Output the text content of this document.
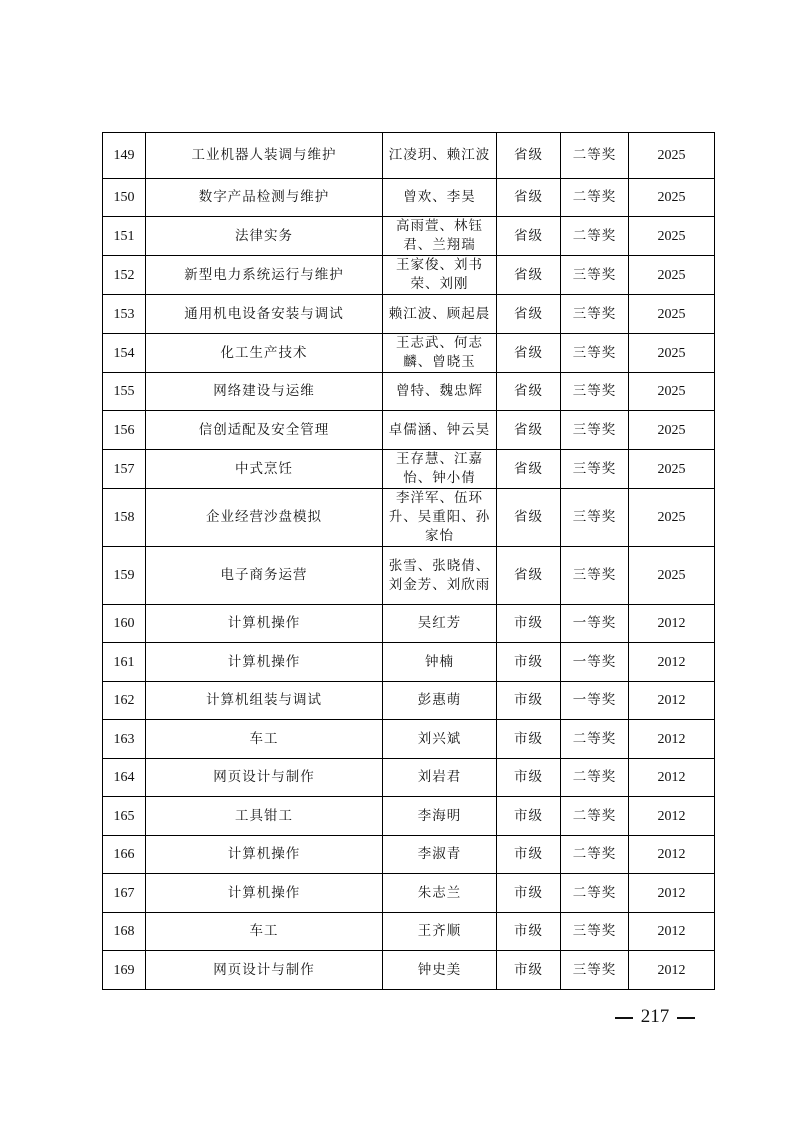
149	工业机器人装调与维护	江凌玥、赖江波	省级	二等奖	2025
150	数字产品检测与维护	曾欢、李昊	省级	二等奖	2025
151	法律实务	高雨萱、林钰君、兰翔瑞	省级	二等奖	2025
152	新型电力系统运行与维护	王家俊、刘书荣、刘刚	省级	三等奖	2025
153	通用机电设备安装与调试	赖江波、顾起晨	省级	三等奖	2025
154	化工生产技术	王志武、何志麟、曾晓玉	省级	三等奖	2025
155	网络建设与运维	曾特、魏忠辉	省级	三等奖	2025
156	信创适配及安全管理	卓儒涵、钟云昊	省级	三等奖	2025
157	中式烹饪	王存慧、江嘉怡、钟小倩	省级	三等奖	2025
158	企业经营沙盘模拟	李洋军、伍环升、吴重阳、孙家怡	省级	三等奖	2025
159	电子商务运营	张雪、张晓倩、刘金芳、刘欣雨	省级	三等奖	2025
160	计算机操作	吴红芳	市级	一等奖	2012
161	计算机操作	钟楠	市级	一等奖	2012
162	计算机组装与调试	彭惠萌	市级	一等奖	2012
163	车工	刘兴斌	市级	二等奖	2012
164	网页设计与制作	刘岩君	市级	二等奖	2012
165	工具钳工	李海明	市级	二等奖	2012
166	计算机操作	李淑青	市级	二等奖	2012
167	计算机操作	朱志兰	市级	二等奖	2012
168	车工	王齐顺	市级	三等奖	2012
169	网页设计与制作	钟史美	市级	三等奖	2012
217
